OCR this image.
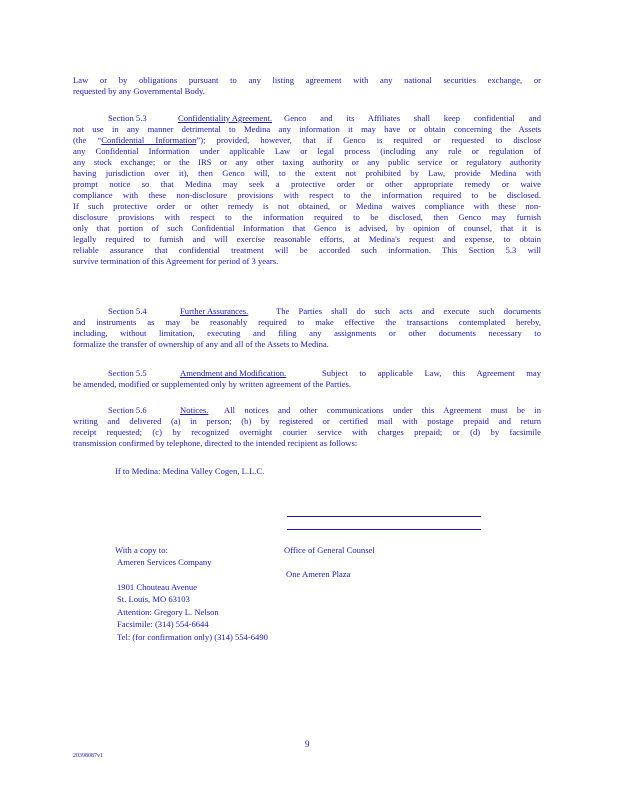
Law or by obligations pursuant to any listing agreement with any national securities exchange, or
requested by any Governmental Body.
Section 5.3	Confidentiality Agreement. Genco and its Affiliates shall keep confidential and
not use in any manner detrimental to Medina any information it may have or obtain concerning the Assets
(the “Confidential Information”); provided, however, that if Genco is required or requested to disclose
any Confidential Information under applicable Law or legal process (including any rule or regulation of
any stock exchange; or the IRS or any other taxing authority or any public service or regulatory authority
having jurisdiction over it), then Genco will, to the extent not prohibited by Law, provide Medina with
prompt notice so that Medina may seek a protective order or other appropriate remedy or waive
compliance with these non-disclosure provisions with respect to the information required to be disclosed.
If such protective order or other remedy is not obtained, or Medina waives compliance with these non-
disclosure provisions with respect to the information required to be disclosed, then Genco may furnish
only that portion of such Confidential Information that Genco is advised, by opinion of counsel, that it is
legally required to furnish and will exercise reasonable efforts, at Medina's request and expense, to obtain
reliable assurance that confidential treatment will be accorded such information. This Section 5.3 will
survive termination of this Agreement for period of 3 years.
Section 5.4	Further Assurances.	The Parties shall do such acts and execute such documents
and instruments as may be reasonably required to make effective the transactions contemplated hereby,
including, without limitation, executing and filing any assignments or other documents necessary to
formalize the transfer of ownership of any and all of the Assets to Medina.
Section 5.5	Amendment and Modification.	Subject to applicable Law, this Agreement may
be amended, modified or supplemented only by written agreement of the Parties.
Section 5.6	Notices. All notices and other communications under this Agreement must be in
writing and delivered (a) in person; (b) by registered or certified mail with postage prepaid and return
receipt requested; (c) by recognized overnight courier service with charges prepaid; or (d) by facsimile
transmission confirmed by telephone, directed to the intended recipient as follows:
If to Medina: Medina Valley Cogen, L.L.C.
With a copy to:	Office of General Counsel
Ameren Services Company
One Ameren Plaza
1901 Chouteau Avenue
St. Louis, MO 63103
Attention: Gregory L. Nelson
Facsimile: (314) 554-6644
Tel: (for confirmation only) (314) 554-6490
9
20398087v1
